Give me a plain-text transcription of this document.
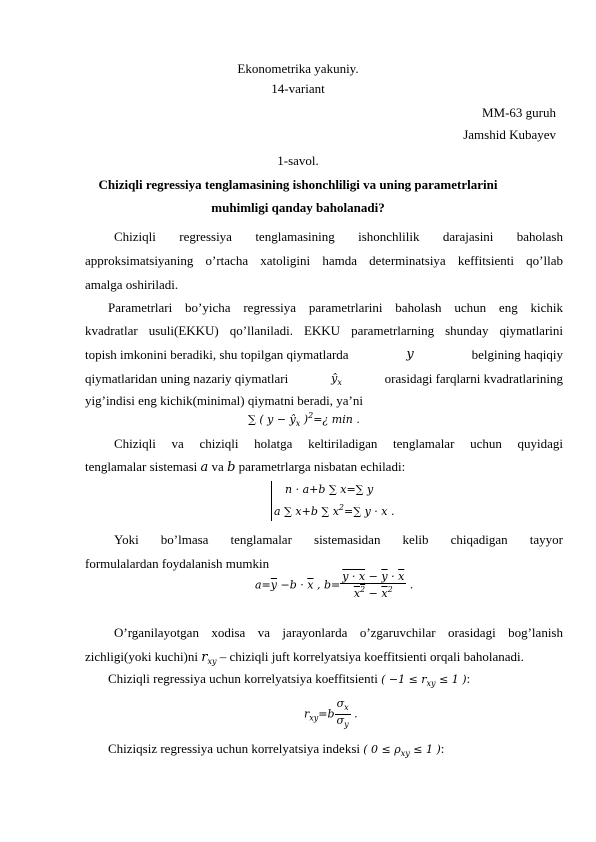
Ekonometrika yakuniy.
14-variant
MM-63 guruh
Jamshid Kubayev
1-savol.
Chiziqli regressiya tenglamasining ishonchliligi va uning parametrlarini
muhimligi qanday baholanadi?
Chiziqli regressiya tenglamasining ishonchlilik darajasini baholash
approksimatsiyaning o’rtacha xatoligini hamda determinatsiya keffitsienti qo’llab
amalga oshiriladi.
Parametrlari bo’yicha regressiya parametrlarini baholash uchun eng kichik
kvadratlar usuli(EKKU) qo’llaniladi. EKKU parametrlarning shunday qiymatlarini
topish imkonini beradiki, shu topilgan qiymatlarda	y	belgining haqiqiy
qiymatlaridan uning nazariy qiymatlari	$ŷ_x$	orasidagi farqlarni kvadratlarining
yig’indisi eng kichik(minimal) qiymatni beradi, ya’ni
∑ ( $y - ŷ_x$ )$^2$=¿ min .
Chiziqli va chiziqli holatga keltiriladigan tenglamalar uchun quyidagi
tenglamalar sistemasi a va b parametrlarga nisbatan echiladi:
n · a+b ∑ x=∑ y
a ∑ x+b ∑ $x^2=\sum$ y · x .
Yoki bo’lmasa tenglamalar sistemasidan kelib chiqadigan tayyor
formulalardan foydalanish mumkin
$a=\overline{y} -b \cdot \overline{x}$ , $b= \frac{y \cdot x - \overline{y} \cdot \overline{x}}{x^2 - \overline{x}^2}$ .
O’rganilayotgan xodisa va jarayonlarda o’zgaruvchilar orasidagi bog’lanish
zichligi(yoki kuchi)ni $r_{xy}$ – chiziqli juft korrelyatsiya koeffitsienti orqali baholanadi.
Chiziqli regressiya uchun korrelyatsiya koeffitsienti ( $-1 \le r_{xy} \le 1$ ):
$r_{xy}=b \frac{\sigma_x}{\sigma_y}$ .
Chiziqsiz regressiya uchun korrelyatsiya indeksi ( $0 \le \rho_{xy} \le 1$ ):
